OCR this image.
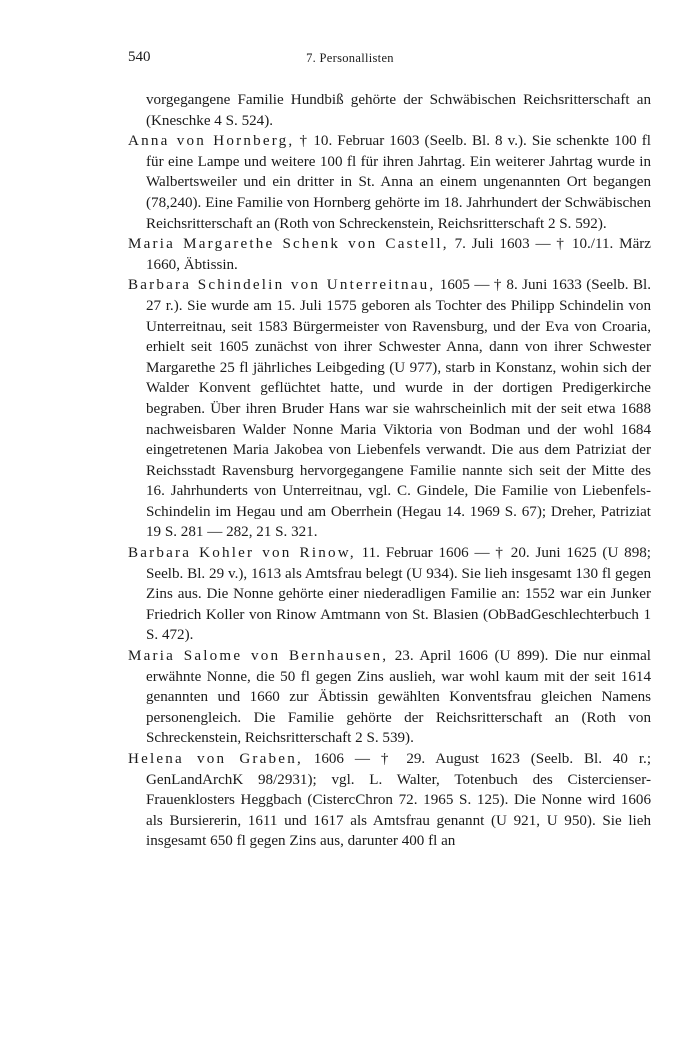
540	7. Personallisten

vorgegangene Familie Hundbiß gehörte der Schwäbischen Reichsritterschaft an (Kneschke 4 S. 524).

Anna von Hornberg, † 10. Februar 1603 (Seelb. Bl. 8 v.). Sie schenkte 100 fl für eine Lampe und weitere 100 fl für ihren Jahrtag. Ein weiterer Jahrtag wurde in Walbertsweiler und ein dritter in St. Anna an einem ungenannten Ort begangen (78,240). Eine Familie von Hornberg gehörte im 18. Jahrhundert der Schwäbischen Reichsritterschaft an (Roth von Schreckenstein, Reichsritterschaft 2 S. 592).

Maria Margarethe Schenk von Castell, 7. Juli 1603 — † 10./11. März 1660, Äbtissin.

Barbara Schindelin von Unterreitnau, 1605 — † 8. Juni 1633 (Seelb. Bl. 27 r.). Sie wurde am 15. Juli 1575 geboren als Tochter des Philipp Schindelin von Unterreitnau, seit 1583 Bürgermeister von Ravensburg, und der Eva von Croaria, erhielt seit 1605 zunächst von ihrer Schwester Anna, dann von ihrer Schwester Margarethe 25 fl jährliches Leibgeding (U 977), starb in Konstanz, wohin sich der Walder Konvent geflüchtet hatte, und wurde in der dortigen Predigerkirche begraben. Über ihren Bruder Hans war sie wahrscheinlich mit der seit etwa 1688 nachweisbaren Walder Nonne Maria Viktoria von Bodman und der wohl 1684 eingetretenen Maria Jakobea von Liebenfels verwandt. Die aus dem Patriziat der Reichsstadt Ravensburg hervorgegangene Familie nannte sich seit der Mitte des 16. Jahrhunderts von Unterreitnau, vgl. C. Gindele, Die Familie von Liebenfels-Schindelin im Hegau und am Oberrhein (Hegau 14. 1969 S. 67); Dreher, Patriziat 19 S. 281 — 282, 21 S. 321.

Barbara Kohler von Rinow, 11. Februar 1606 — † 20. Juni 1625 (U 898; Seelb. Bl. 29 v.), 1613 als Amtsfrau belegt (U 934). Sie lieh insgesamt 130 fl gegen Zins aus. Die Nonne gehörte einer niederadligen Familie an: 1552 war ein Junker Friedrich Koller von Rinow Amtmann von St. Blasien (ObBadGeschlechterbuch 1 S. 472).

Maria Salome von Bernhausen, 23. April 1606 (U 899). Die nur einmal erwähnte Nonne, die 50 fl gegen Zins auslieh, war wohl kaum mit der seit 1614 genannten und 1660 zur Äbtissin gewählten Konventsfrau gleichen Namens personengleich. Die Familie gehörte der Reichsritterschaft an (Roth von Schreckenstein, Reichsritterschaft 2 S. 539).

Helena von Graben, 1606 — † 29. August 1623 (Seelb. Bl. 40 r.; GenLandArchK 98/2931); vgl. L. Walter, Totenbuch des Cistercienser-Frauenklosters Heggbach (CistercChron 72. 1965 S. 125). Die Nonne wird 1606 als Bursiererin, 1611 und 1617 als Amtsfrau genannt (U 921, U 950). Sie lieh insgesamt 650 fl gegen Zins aus, darunter 400 fl an
